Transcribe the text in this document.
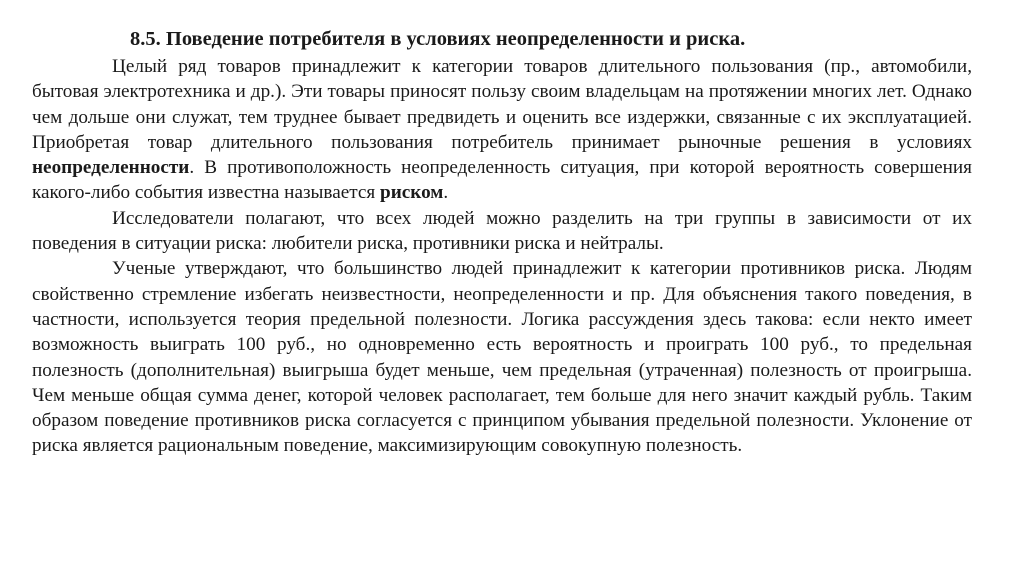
8.5. Поведение потребителя в условиях неопределенности и риска.

Целый ряд товаров принадлежит к категории товаров длительного пользования (пр., автомобили, бытовая электротехника и др.). Эти товары приносят пользу своим владельцам на протяжении многих лет. Однако чем дольше они служат, тем труднее бывает предвидеть и оценить все издержки, связанные с их эксплуатацией. Приобретая товар длительного пользования потребитель принимает рыночные решения в условиях неопределенности. В противоположность неопределенность ситуация, при которой вероятность совершения какого-либо события известна называется риском.

Исследователи полагают, что всех людей можно разделить на три группы в зависимости от их поведения в ситуации риска: любители риска, противники риска и нейтралы.

Ученые утверждают, что большинство людей принадлежит к категории противников риска. Людям свойственно стремление избегать неизвестности, неопределенности и пр. Для объяснения такого поведения, в частности, используется теория предельной полезности. Логика рассуждения здесь такова: если некто имеет возможность выиграть 100 руб., но одновременно есть вероятность и проиграть 100 руб., то предельная полезность (дополнительная) выигрыша будет меньше, чем предельная (утраченная) полезность от проигрыша. Чем меньше общая сумма денег, которой человек располагает, тем больше для него значит каждый рубль. Таким образом поведение противников риска согласуется с принципом убывания предельной полезности. Уклонение от риска является рациональным поведение, максимизирующим совокупную полезность.
